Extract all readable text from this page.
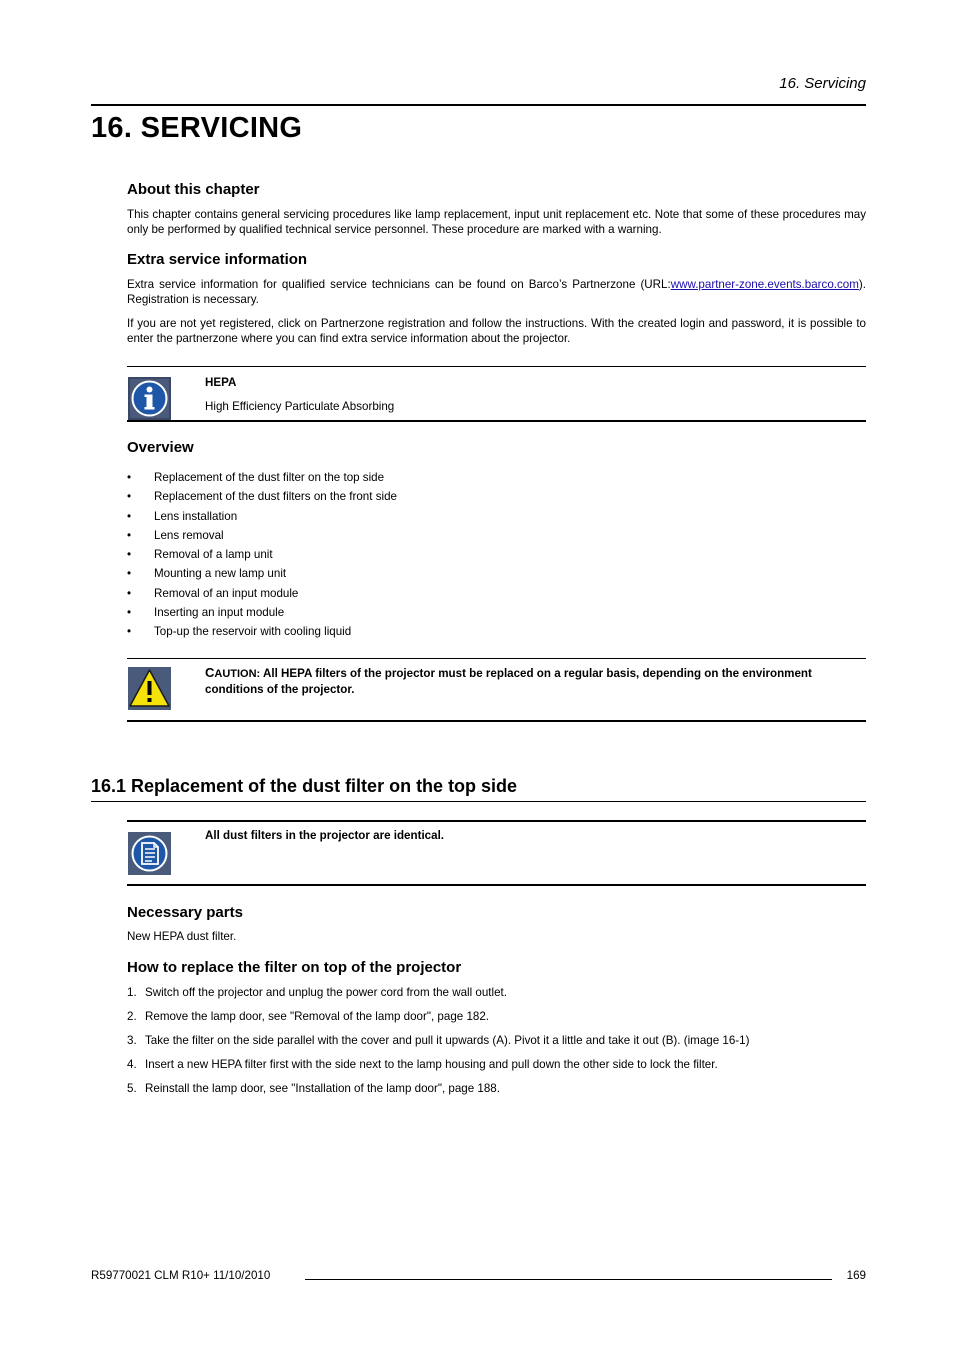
16. Servicing
16. SERVICING
About this chapter
This chapter contains general servicing procedures like lamp replacement, input unit replacement etc. Note that some of these procedures may only be performed by qualified technical service personnel. These procedure are marked with a warning.
Extra service information
Extra service information for qualified service technicians can be found on Barco’s Partnerzone (URL:www.partner-zone.events.barco.com). Registration is necessary.
If you are not yet registered, click on Partnerzone registration and follow the instructions. With the created login and password, it is possible to enter the partnerzone where you can find extra service information about the projector.
HEPA
High Efficiency Particulate Absorbing
Overview
• Replacement of the dust filter on the top side
• Replacement of the dust filters on the front side
• Lens installation
• Lens removal
• Removal of a lamp unit
• Mounting a new lamp unit
• Removal of an input module
• Inserting an input module
• Top-up the reservoir with cooling liquid
CAUTION: All HEPA filters of the projector must be replaced on a regular basis, depending on the environment conditions of the projector.
16.1 Replacement of the dust filter on the top side
All dust filters in the projector are identical.
Necessary parts
New HEPA dust filter.
How to replace the filter on top of the projector
1. Switch off the projector and unplug the power cord from the wall outlet.
2. Remove the lamp door, see "Removal of the lamp door", page 182.
3. Take the filter on the side parallel with the cover and pull it upwards (A). Pivot it a little and take it out (B). (image 16-1)
4. Insert a new HEPA filter first with the side next to the lamp housing and pull down the other side to lock the filter.
5. Reinstall the lamp door, see "Installation of the lamp door", page 188.
R59770021 CLM R10+ 11/10/2010	169
